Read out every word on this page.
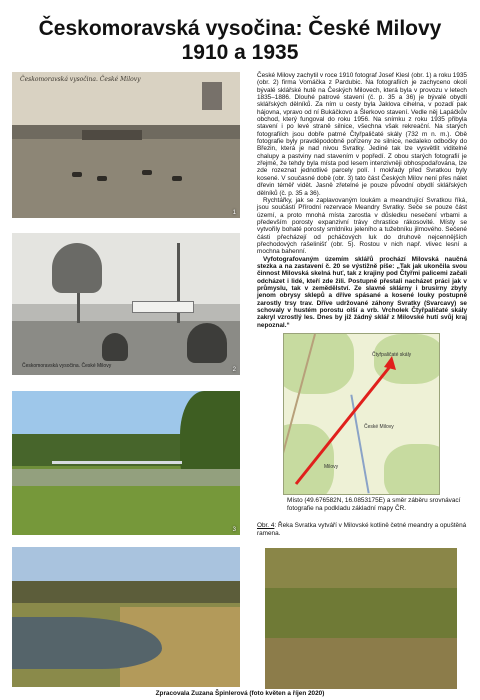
Českomoravská vysočina: České Milovy
1910 a 1935
Českomoravská vysočina. České Milovy
1
Českomoravská vysočina. České Milovy
2
3
Čtyřpaličaté skály
České Milovy
Milovy
Místo (49.676582N, 16.0853175E) a směr záběru srovnávací fotografie na podkladu základní mapy ČR.
Obr. 4: Řeka Svratka vytváří v Milovské kotlině četné meandry a opuštěná ramena.

České Milovy zachytil v roce 1910 fotograf Josef Klesl (obr. 1) a roku 1935 (obr. 2) firma Vomáčka z Pardubic. Na fotografiích je zachyceno okolí bývalé sklářské hutě na Českých Milovech, která byla v provozu v letech 1835–1886. Dlouhé patrové stavení (č. p. 35 a 36) je bývalé obydlí sklářských dělníků. Za ním u cesty byla Jaklova cihelna, v pozadí pak hájovna, vpravo od ní Bukáčkovo a Šlerkovo stavení. Vedle něj Lapáčkův obchod, který fungoval do roku 1956. Na snímku z roku 1935 přibyla stavení i po levé straně silnice, všechna však rekreační. Na starých fotografiích jsou dobře patrné Čtyřpaličaté skály (732 m n. m.). Obě fotografie byly pravděpodobně pořízeny ze silnice, nedaleko odbočky do Březin, která je nad nivou Svratky. Jediné tak lze vysvětlit viditelné chalupy a pastviny nad stavením v popředí. Z obou starých fotografií je zřejmé, že tehdy byla místa pod lesem intenzivněji obhospodařována, lze zde rozeznat jednotlivé parcely polí. I mokřady před Svratkou byly kosené. V současné době (obr. 3) tato část Českých Milov není přes nálet dřevin téměř vidět. Jasně zřetelné je pouze původní obydlí sklářských dělníků (č. p. 35 a 36).

Rychtářky, jak se zaplavovaným loukám a meandrující Svratkou říká, jsou součástí Přírodní rezervace Meandry Svratky. Seče se pouze část území, a proto mnohá místa zarostla v důsledku nesečení vrbami a především porosty expanzivní trávy chrastice rákosovité. Místy se vytvořily bohaté porosty smldníku jeleního a tužebníku jilmového. Sečené části přecházejí od pcháčových luk do druhově nejcennějších přechodových rašelinišť (obr. 5). Rostou v nich např. vlivec lesní a mochna bahenní.

Vyfotografovaným územím sklářů prochází Milovská naučná stezka a na zastavení č. 20 se výstižně píše: „Tak jak ukončila svou činnost Milovská skelná huť, tak z krajiny pod Čtyřmi palicemi začali odcházet i lidé, kteří zde žili. Postupně přestali nacházet práci jak v průmyslu, tak v zemědělství. Ze slavné sklárny i brusírny zbyly jenom obrysy sklepů a dříve spásané a kosené louky postupně zarostly trsy trav. Dříve udržované záhony Svratky (Svarcavy) se schovaly v hustém porostu olší a vrb. Vrcholek Čtyřpaličaté skály zakryl vzrostlý les. Dnes by již žádný sklář z Milovské hutí svůj kraj nepoznal.“

Zpracovala Zuzana Špinlerová (foto květen a říjen 2020)
